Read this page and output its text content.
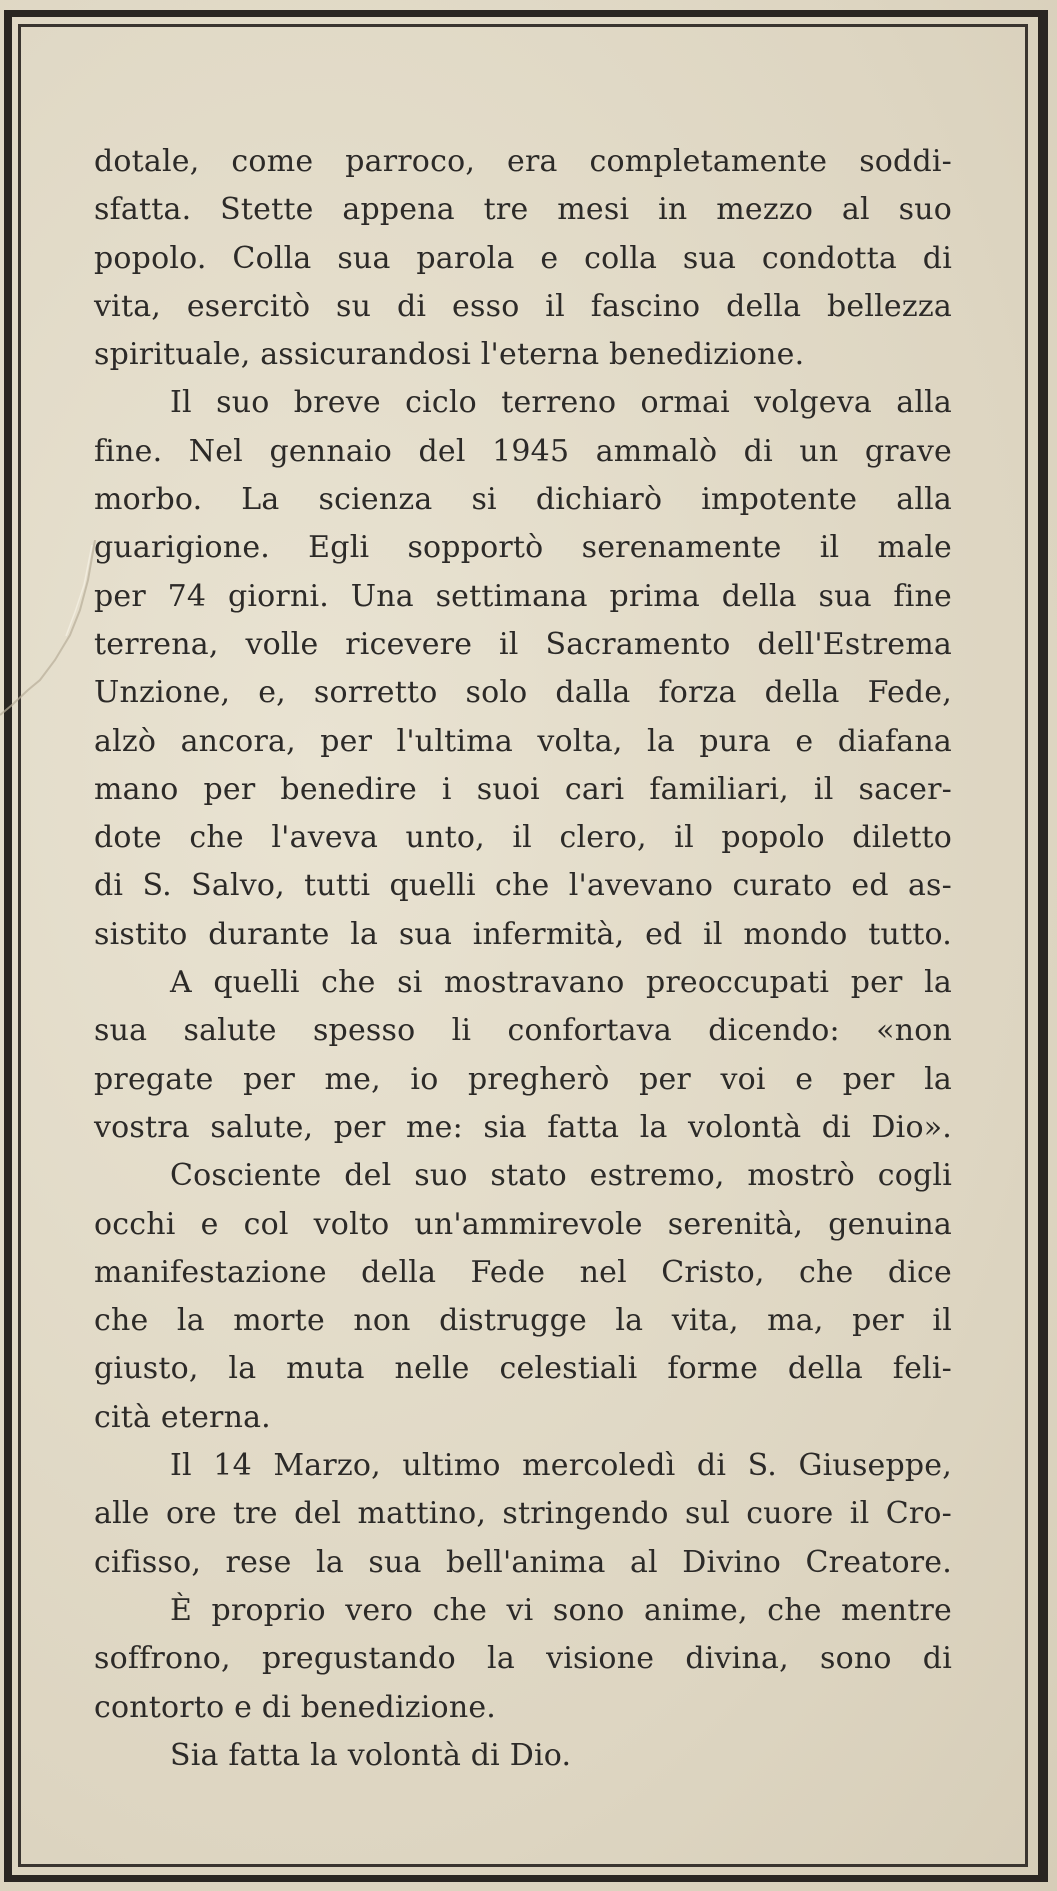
dotale, come parroco, era completamente soddi-
sfatta. Stette appena tre mesi in mezzo al suo
popolo. Colla sua parola e colla sua condotta di
vita, esercitò su di esso il fascino della bellezza
spirituale, assicurandosi l'eterna benedizione.
Il suo breve ciclo terreno ormai volgeva alla
fine. Nel gennaio del 1945 ammalò di un grave
morbo. La scienza si dichiarò impotente alla
guarigione. Egli sopportò serenamente il male
per 74 giorni. Una settimana prima della sua fine
terrena, volle ricevere il Sacramento dell'Estrema
Unzione, e, sorretto solo dalla forza della Fede,
alzò ancora, per l'ultima volta, la pura e diafana
mano per benedire i suoi cari familiari, il sacer-
dote che l'aveva unto, il clero, il popolo diletto
di S. Salvo, tutti quelli che l'avevano curato ed as-
sistito durante la sua infermità, ed il mondo tutto.
A quelli che si mostravano preoccupati per la
sua salute spesso li confortava dicendo: «non
pregate per me, io pregherò per voi e per la
vostra salute, per me: sia fatta la volontà di Dio».
Cosciente del suo stato estremo, mostrò cogli
occhi e col volto un'ammirevole serenità, genuina
manifestazione della Fede nel Cristo, che dice
che la morte non distrugge la vita, ma, per il
giusto, la muta nelle celestiali forme della feli-
cità eterna.
Il 14 Marzo, ultimo mercoledì di S. Giuseppe,
alle ore tre del mattino, stringendo sul cuore il Cro-
cifisso, rese la sua bell'anima al Divino Creatore.
È proprio vero che vi sono anime, che mentre
soffrono, pregustando la visione divina, sono di
contorto e di benedizione.
Sia fatta la volontà di Dio.
